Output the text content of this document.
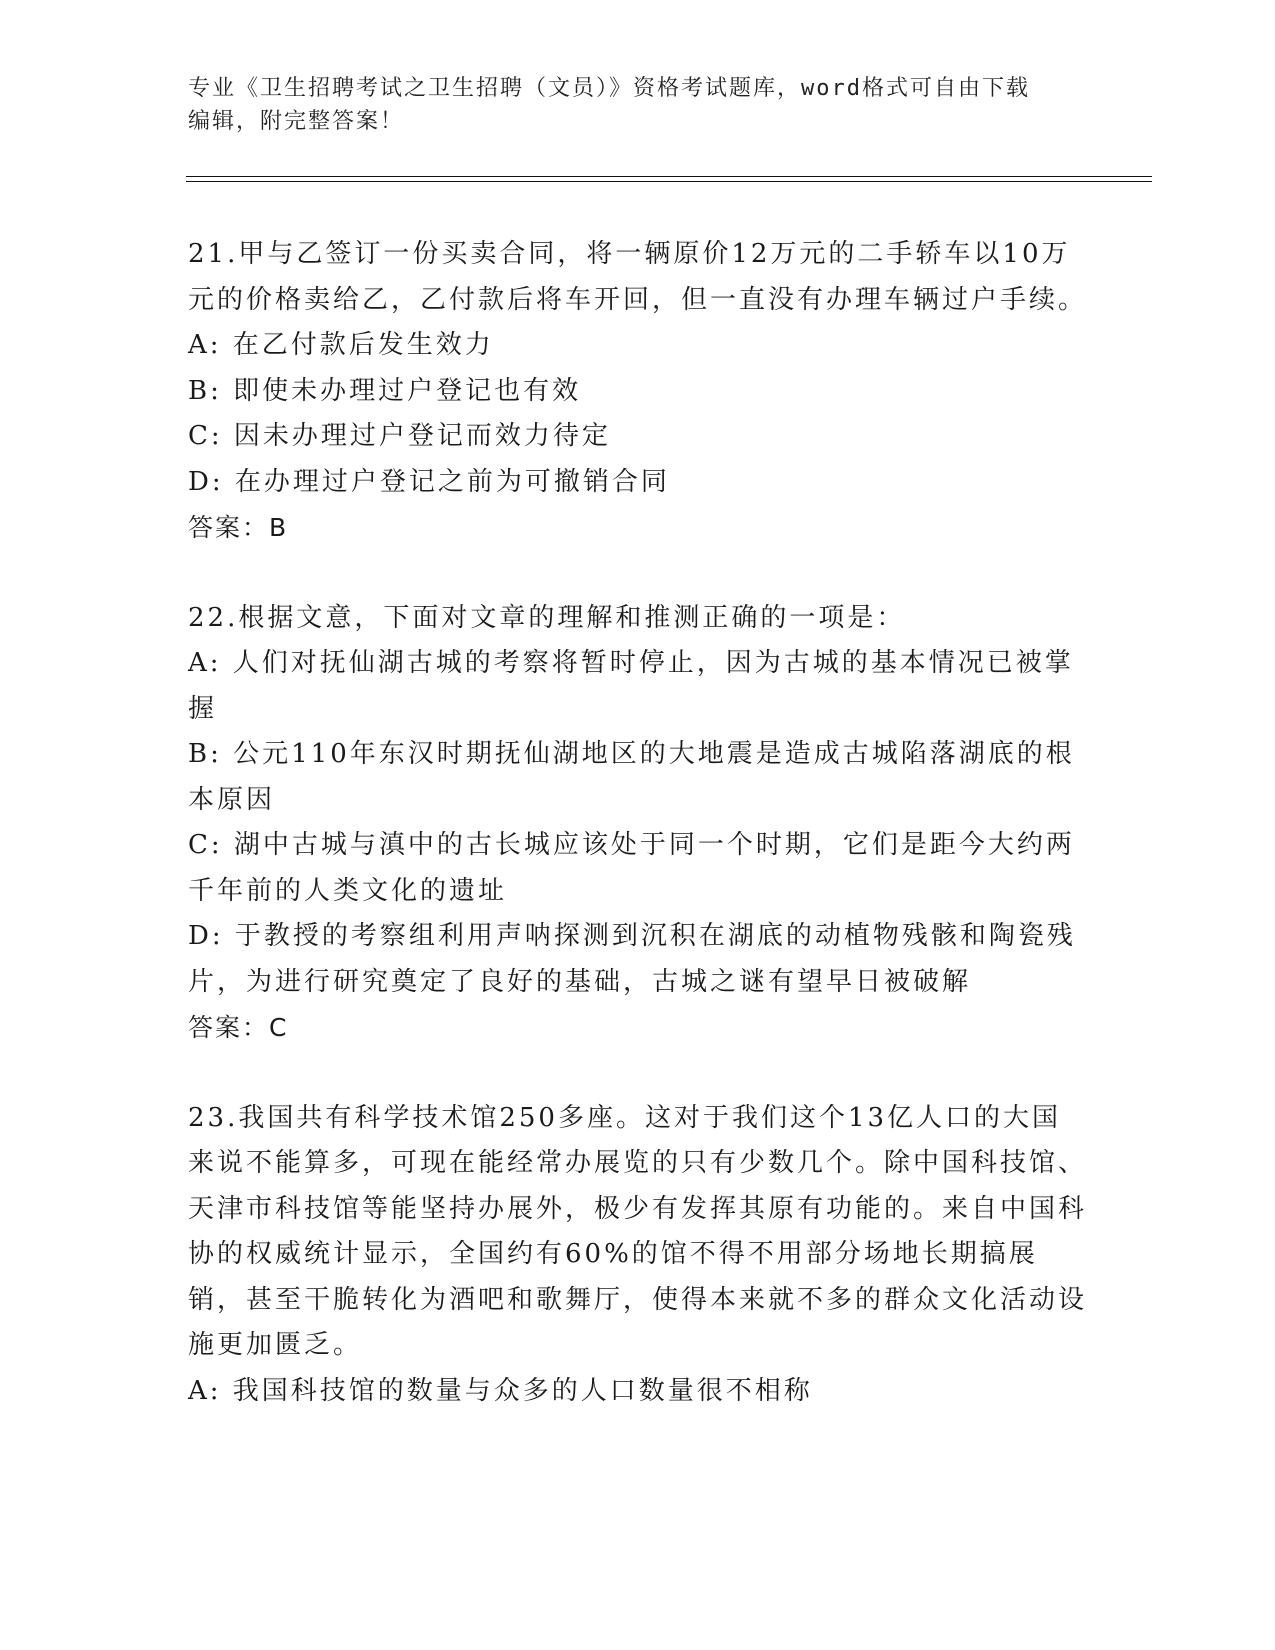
专业《卫生招聘考试之卫生招聘（文员）》资格考试题库，word格式可自由下载
编辑，附完整答案！

21.甲与乙签订一份买卖合同，将一辆原价12万元的二手轿车以10万元的价格卖给乙，乙付款后将车开回，但一直没有办理车辆过户手续。

A: 在乙付款后发生效力

B: 即使未办理过户登记也有效

C: 因未办理过户登记而效力待定

D: 在办理过户登记之前为可撤销合同

答案：B

22.根据文意，下面对文章的理解和推测正确的一项是：

A: 人们对抚仙湖古城的考察将暂时停止，因为古城的基本情况已被掌握

B: 公元110年东汉时期抚仙湖地区的大地震是造成古城陷落湖底的根本原因

C: 湖中古城与滇中的古长城应该处于同一个时期，它们是距今大约两千年前的人类文化的遗址

D: 于教授的考察组利用声呐探测到沉积在湖底的动植物残骸和陶瓷残片，为进行研究奠定了良好的基础，古城之谜有望早日被破解

答案：C

23.我国共有科学技术馆250多座。这对于我们这个13亿人口的大国来说不能算多，可现在能经常办展览的只有少数几个。除中国科技馆、天津市科技馆等能坚持办展外，极少有发挥其原有功能的。来自中国科协的权威统计显示，全国约有60%的馆不得不用部分场地长期搞展销，甚至干脆转化为酒吧和歌舞厅，使得本来就不多的群众文化活动设施更加匮乏。

A: 我国科技馆的数量与众多的人口数量很不相称
